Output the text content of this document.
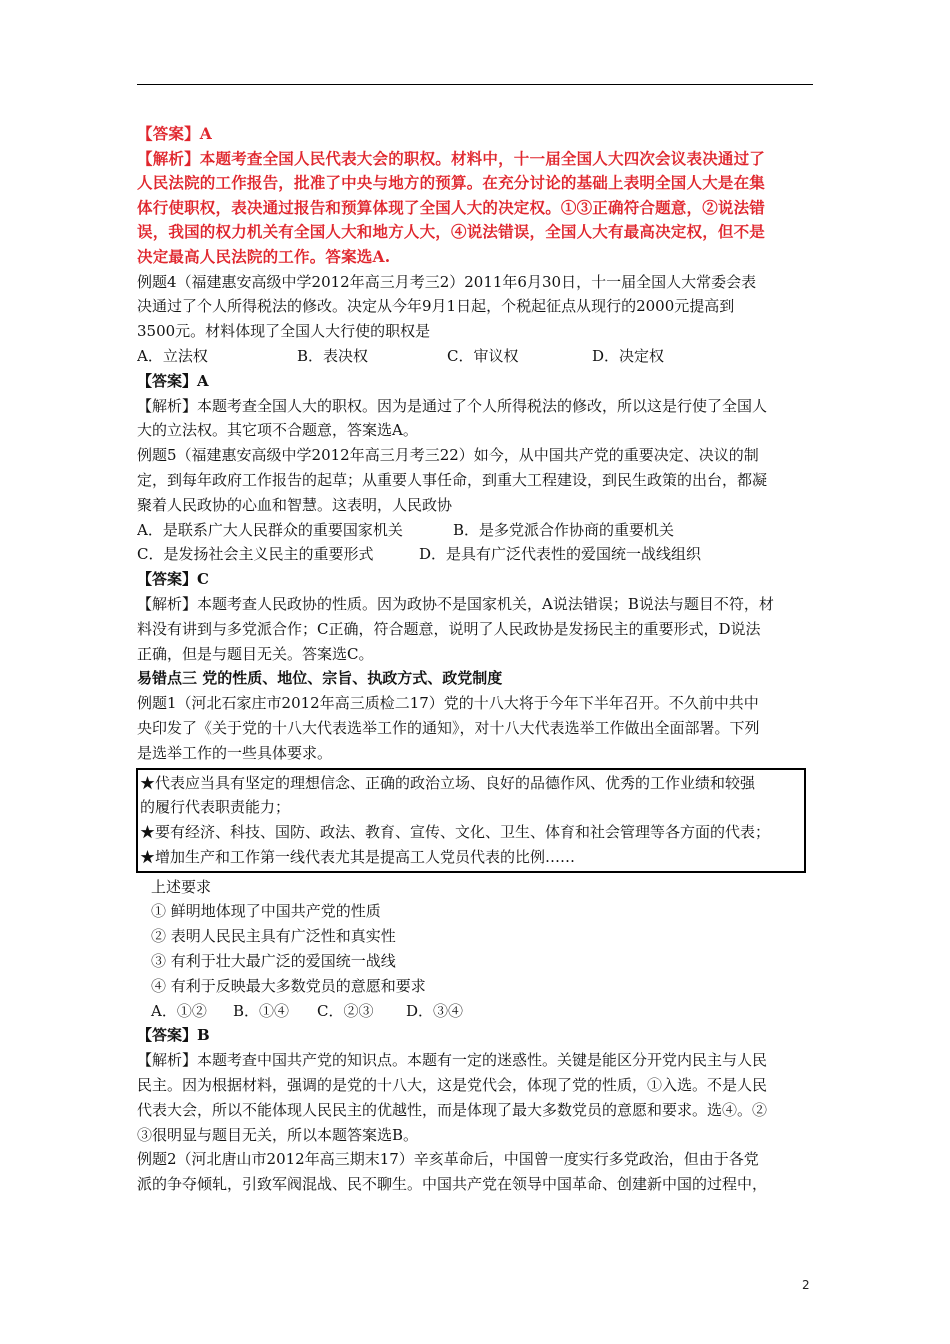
【答案】A
【解析】本题考查全国人民代表大会的职权。材料中，十一届全国人大四次会议表决通过了
人民法院的工作报告，批准了中央与地方的预算。在充分讨论的基础上表明全国人大是在集
体行使职权，表决通过报告和预算体现了全国人大的决定权。①③正确符合题意，②说法错
误，我国的权力机关有全国人大和地方人大，④说法错误，全国人大有最高决定权，但不是
决定最高人民法院的工作。答案选A.
例题4（福建惠安高级中学2012年高三月考三2）2011年6月30日，十一届全国人大常委会表
决通过了个人所得税法的修改。决定从今年9月1日起，个税起征点从现行的2000元提高到
3500元。材料体现了全国人大行使的职权是
A．立法权	B．表决权	C．审议权	D．决定权
【答案】A
【解析】本题考查全国人大的职权。因为是通过了个人所得税法的修改，所以这是行使了全国人
大的立法权。其它项不合题意，答案选A。
例题5（福建惠安高级中学2012年高三月考三22）如今，从中国共产党的重要决定、决议的制
定，到每年政府工作报告的起草；从重要人事任命，到重大工程建设，到民生政策的出台，都凝
聚着人民政协的心血和智慧。这表明，人民政协
A．是联系广大人民群众的重要国家机关	B．是多党派合作协商的重要机关
C．是发扬社会主义民主的重要形式	D．是具有广泛代表性的爱国统一战线组织
【答案】C
【解析】本题考查人民政协的性质。因为政协不是国家机关，A说法错误；B说法与题目不符，材
料没有讲到与多党派合作；C正确，符合题意，说明了人民政协是发扬民主的重要形式，D说法
正确，但是与题目无关。答案选C。
易错点三 党的性质、地位、宗旨、执政方式、政党制度
例题1（河北石家庄市2012年高三质检二17）党的十八大将于今年下半年召开。不久前中共中
央印发了《关于党的十八大代表选举工作的通知》，对十八大代表选举工作做出全面部署。下列
是选举工作的一些具体要求。
★代表应当具有坚定的理想信念、正确的政治立场、良好的品德作风、优秀的工作业绩和较强
的履行代表职责能力；
★要有经济、科技、国防、政法、教育、宣传、文化、卫生、体育和社会管理等各方面的代表；
★增加生产和工作第一线代表尤其是提高工人党员代表的比例……
上述要求
① 鲜明地体现了中国共产党的性质
② 表明人民民主具有广泛性和真实性
③ 有利于壮大最广泛的爱国统一战线
④ 有利于反映最大多数党员的意愿和要求
A．①②	B．①④	C．②③	D．③④
【答案】B
【解析】本题考查中国共产党的知识点。本题有一定的迷惑性。关键是能区分开党内民主与人民
民主。因为根据材料，强调的是党的十八大，这是党代会，体现了党的性质，①入选。不是人民
代表大会，所以不能体现人民民主的优越性，而是体现了最大多数党员的意愿和要求。选④。②
③很明显与题目无关，所以本题答案选B。
例题2（河北唐山市2012年高三期末17）辛亥革命后，中国曾一度实行多党政治，但由于各党
派的争夺倾轧，引致军阀混战、民不聊生。中国共产党在领导中国革命、创建新中国的过程中，
2
